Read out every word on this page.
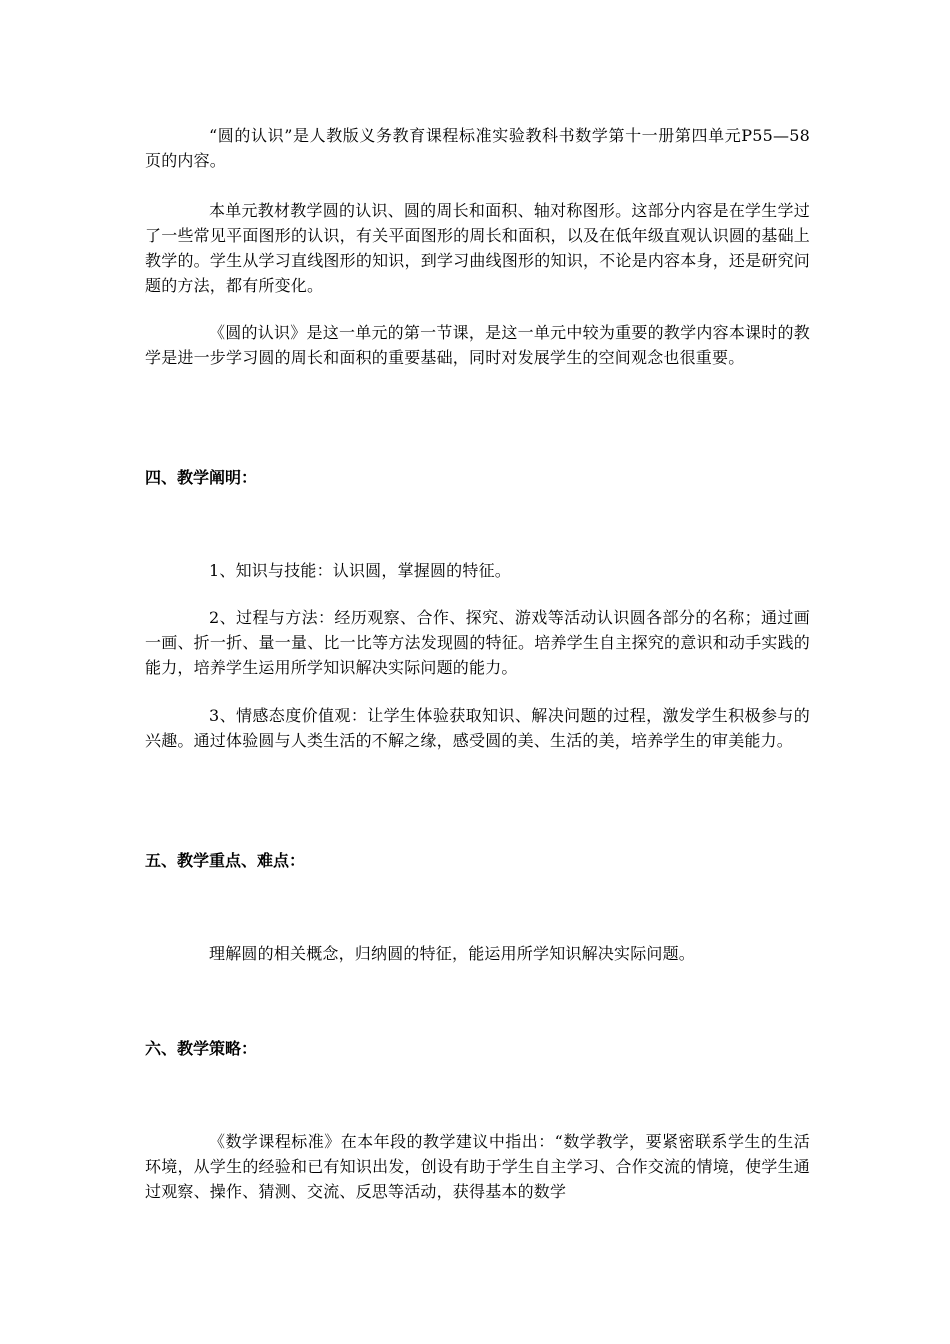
“圆的认识”是人教版义务教育课程标准实验教科书数学第十一册第四单元P55—58页的内容。

本单元教材教学圆的认识、圆的周长和面积、轴对称图形。这部分内容是在学生学过了一些常见平面图形的认识，有关平面图形的周长和面积，以及在低年级直观认识圆的基础上教学的。学生从学习直线图形的知识，到学习曲线图形的知识，不论是内容本身，还是研究问题的方法，都有所变化。

《圆的认识》是这一单元的第一节课，是这一单元中较为重要的教学内容本课时的教学是进一步学习圆的周长和面积的重要基础，同时对发展学生的空间观念也很重要。

四、教学阐明：

1、知识与技能：认识圆，掌握圆的特征。

2、过程与方法：经历观察、合作、探究、游戏等活动认识圆各部分的名称；通过画一画、折一折、量一量、比一比等方法发现圆的特征。培养学生自主探究的意识和动手实践的能力，培养学生运用所学知识解决实际问题的能力。

3、情感态度价值观：让学生体验获取知识、解决问题的过程，激发学生积极参与的兴趣。通过体验圆与人类生活的不解之缘，感受圆的美、生活的美，培养学生的审美能力。

五、教学重点、难点：

理解圆的相关概念，归纳圆的特征，能运用所学知识解决实际问题。

六、教学策略：

《数学课程标准》在本年段的教学建议中指出：“数学教学，要紧密联系学生的生活环境，从学生的经验和已有知识出发，创设有助于学生自主学习、合作交流的情境，使学生通过观察、操作、猜测、交流、反思等活动，获得基本的数学
